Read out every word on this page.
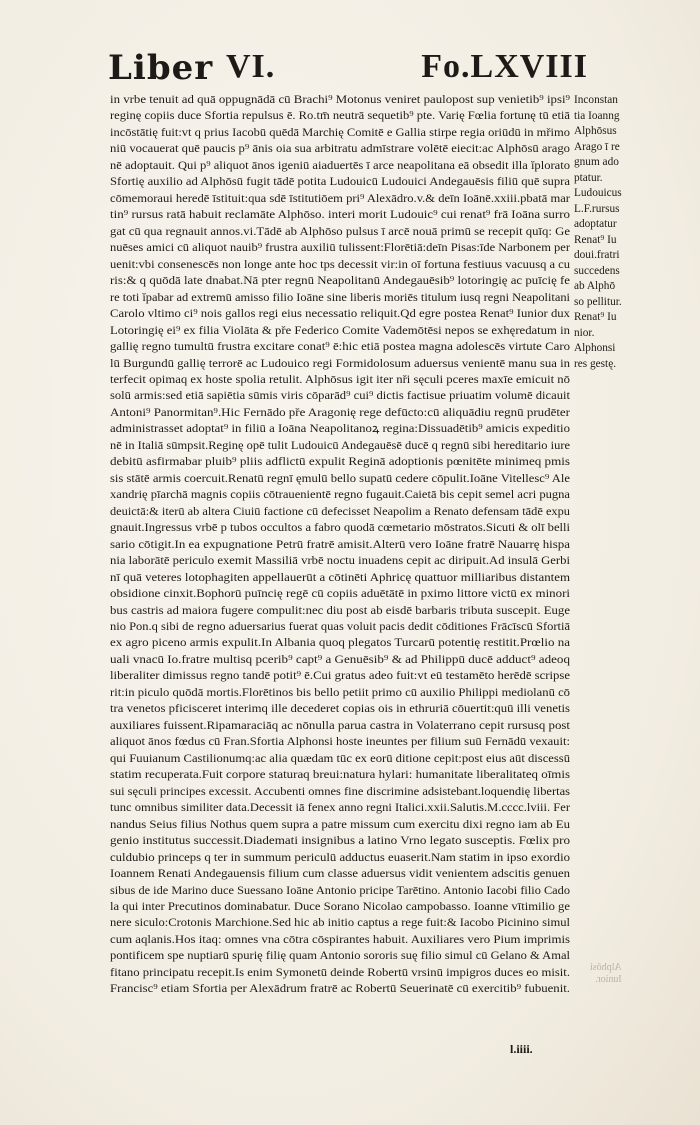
Liber VI.	Fo.LXVIII
in vrbe tenuit ad quā oppugnādā cū Brachi⁹ Motonus veniret paulopost sup venietib⁹ ipsi⁹
reginę copiis duce Sfortia repulsus ē. Ro.tm̄ neutrā sequetib⁹ pte. Varię Fœlia fortunę tū etiā
incōstātię fuit:vt q prius Iacobū quēdā Marchię Comitē e Gallia stirpe regia oriūdū in mřimo
niū vocauerat quē paucis p⁹ ānis oia sua arbitratu admīstrare volētē eiecit:ac Alphōsū arago
nē adoptauit. Qui p⁹ aliquot ānos igeniū aiaduertēs ī arce neapolitana eā obsedit illa ĭplorato
Sfortię auxilio ad Alphōsū fugit tādē potita Ludouicū Ludouici Andegauēsis filiū quē supra
cōmemoraui heredē īstituit:qua sdē īstitutiōem pri⁹ Alexādro.v.& deīn Ioānē.xxiii.pbatā mar
tin⁹ rursus ratā habuit reclamāte Alphōso. interi morit Ludouic⁹ cui renat⁹ frā Ioāna surro
gat cū qua regnauit annos.vi.Tādē ab Alphōso pulsus ī arcē nouā primū se recepit quīq: Ge
nuēses amici cū aliquot nauib⁹ frustra auxiliū tulissent:Florētiā:deīn Pisas:īde Narbonem per
uenit:vbi consenescēs non longe ante hoc tps decessit vir:in oī fortuna festiuus vacuusq a cu
ris:& q quōdā late dnabat.Nā pter regnū Neapolitanū Andegauēsib⁹ lotoringię ac puīcię fe
re toti ĭpabar ad extremū amisso filio Ioāne sine liberis moriēs titulum iusq regni Neapolitani
Carolo vltimo ci⁹ nois gallos regi eius necessatio reliquit.Qd egre postea Renat⁹ Iunior dux
Lotoringię ei⁹ ex filia Violāta & pře Federico Comite Vademōtēsi nepos se exhęredatum in
gallię regno tumultū frustra excitare conat⁹ ē:hic etiā postea magna adolescēs virtute Caro
lū Burgundū gallię terrorē ac Ludouico regi Formidolosum aduersus venientē manu sua in
terfecit opimaq ex hoste spolia retulit. Alphōsus igit iter nři sęculi pceres maxīe emicuit nō
solū armis:sed etiā sapiētia sūmis viris cōparād⁹ cui⁹ dictis factisue priuatim volumē dicauit
Antoni⁹ Panormitan⁹.Hic Fernādo pře Aragonię rege defūcto:cū aliquādiu regnū prudēter
administrasset adoptat⁹ in filiū a Ioāna Neapolitanoꝝ regina:Dissuadētib⁹ amicis expeditio
nē in Italiā sūmpsit.Reginę opē tulit Ludouicū Andegauēsē ducē q regnū sibi hereditario iure
debitū asfirmabar pluib⁹ pliis adflictū expulit Reginā adoptionis pœnitēte minimeq pmis
sis stātē armis coercuit.Renatū regnī ęmulū bello supatū cedere cōpulit.Ioāne Vitellesc⁹ Ale
xandrię pīarchā magnis copiis cōtrauenientē regno fugauit.Caietā bis cepit semel acri pugna
deuictā:& iterū ab altera Ciuiū factione cū defecisset Neapolim a Renato defensam tādē expu
gnauit.Ingressus vrbē p tubos occultos a fabro quodā cœmetario mōstratos.Sicuti & olī belli
sario cōtigit.In ea expugnatione Petrū fratrē amisit.Alterū vero Ioāne fratrē Nauarrę hispa
nia laborātē periculo exemit Massiliā vrbē noctu inuadens cepit ac diripuit.Ad insulā Gerbi
nī quā veteres lotophagiten appellauerūt a cōtinēti Aphricę quattuor milliaribus distantem
obsidione cinxit.Bophorū puīncię regē cū copiis aduētātē in pximo littore victū ex minori
bus castris ad maiora fugere compulit:nec diu post ab eisdē barbaris tributa suscepit. Euge
nio Pon.q sibi de regno aduersarius fuerat quas voluit pacis dedit cōditiones Frācīscū Sfortiā
ex agro piceno armis expulit.In Albania quoq plegatos Turcarū potentię restitit.Prœlio na
uali vnacū Io.fratre multisq pcerib⁹ capt⁹ a Genuēsib⁹ & ad Philippū ducē adduct⁹ adeoq
liberaliter dimissus regno tandē potit⁹ ē.Cui gratus adeo fuit:vt eū testamēto herēdē scripse
rit:in piculo quōdā mortis.Florētinos bis bello petiit primo cū auxilio Philippi mediolanū cō
tra venetos pficisceret interimq ille decederet copias ois in ethruriā cōuertit:quū illi venetis
auxiliares fuissent.Ripamaraciāq ac nōnulla parua castra in Volaterrano cepit rursusq post
aliquot ānos fœdus cū Fran.Sfortia Alphonsi hoste ineuntes per filium suū Fernādū vexauit:
qui Fuuianum Castilionumq:ac alia quædam tūc ex eorū ditione cepit:post eius aūt discessū
statim recuperata.Fuit corpore staturaq breui:natura hylari: humanitate liberalitateq oīmis
sui sęculi principes excessit. Accubenti omnes fine discrimine adsistebant.loquendię libertas
tunc omnibus similiter data.Decessit iā fenex anno regni Italici.xxii.Salutis.M.cccc.lviii. Fer
nandus Seius filius Nothus quem supra a patre missum cum exercitu dixi regno iam ab Eu
genio institutus successit.Diademati insignibus a latino Vrno legato susceptis. Fœlix pro
culdubio princeps q ter in summum periculū adductus euaserit.Nam statim in ipso exordio
Ioannem Renati Andegauensis filium cum classe aduersus vidit venientem adscitis genuen
sibus de ide Marino duce Suessano Ioāne Antonio pricipe Tarētino. Antonio Iacobi filio Cado
la qui inter Precutinos dominabatur. Duce Sorano Nicolao campobasso. Ioanne vītimilio ge
nere siculo:Crotonis Marchione.Sed hic ab initio captus a rege fuit:& Iacobo Picinino simul
cum aqlanis.Hos itaq: omnes vna cōtra cōspirantes habuit. Auxiliares vero Pium imprimis
pontificem spe nuptiarū spurię filię quam Antonio sororis suę filio simul cū Gelano & Amal
fitano principatu recepit.Is enim Symonetū deinde Robertū vrsinū impigros duces eo misit.
Francisc⁹ etiam Sfortia per Alexādrum fratrē ac Robertū Seuerinatē cū exercitib⁹ fubuenit.
Inconstan
tia Ioanng
Alphōsus
Arago ī re
gnum ado
ptatur.
Ludouicus
L.F.rursus
adoptatur
Renat⁹ Iu
doui.fratri
succedens
ab Alphō
so pellitur.
Renat⁹ Iu
nior.
Alphonsi
res gestę.
Alphōsi
Iunior.
l.iiii.
